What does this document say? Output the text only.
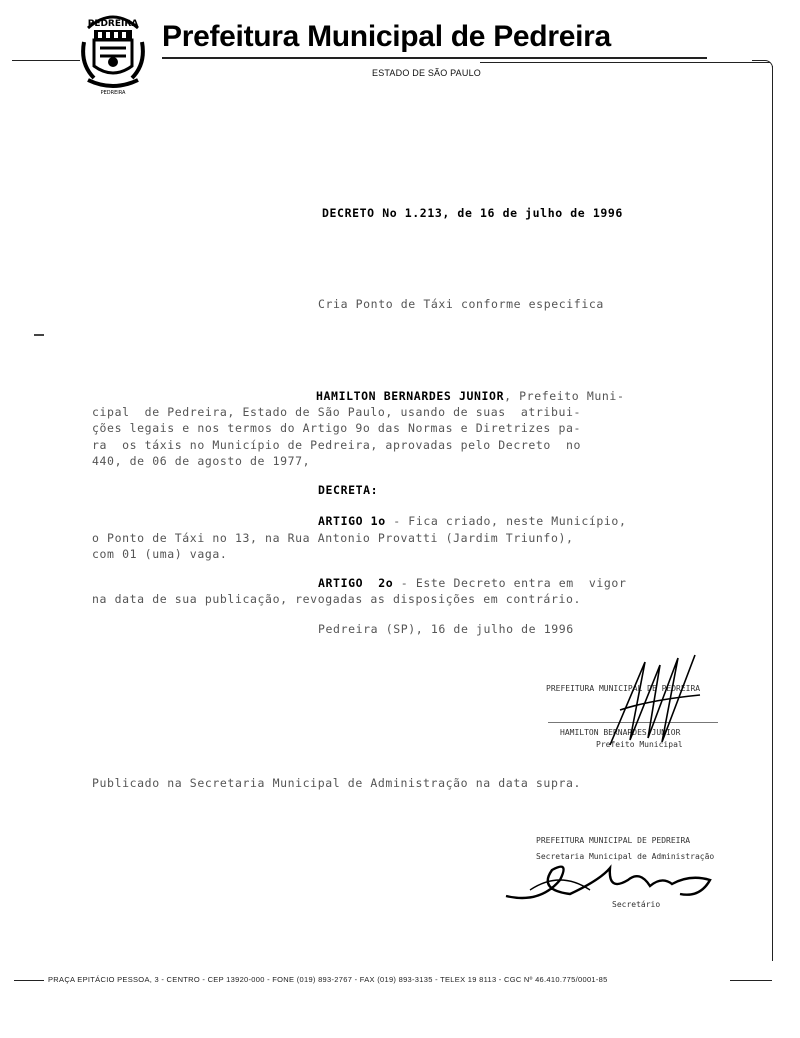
PEDREIRA
PEDREIRA
Prefeitura Municipal de Pedreira
ESTADO DE SÃO PAULO
DECRETO No 1.213, de 16 de julho de 1996
Cria Ponto de Táxi conforme especifica
HAMILTON BERNARDES JUNIOR, Prefeito Muni-
cipal  de Pedreira, Estado de São Paulo, usando de suas  atribui-
ções legais e nos termos do Artigo 9o das Normas e Diretrizes pa-
ra  os táxis no Município de Pedreira, aprovadas pelo Decreto  no
440, de 06 de agosto de 1977,
DECRETA:
ARTIGO 1o - Fica criado, neste Município,
o Ponto de Táxi no 13, na Rua Antonio Provatti (Jardim Triunfo),
com 01 (uma) vaga.
ARTIGO  2o - Este Decreto entra em  vigor
na data de sua publicação, revogadas as disposições em contrário.
Pedreira (SP), 16 de julho de 1996
PREFEITURA MUNICIPAL DE PEDREIRA
HAMILTON BERNARDES JUNIOR
Prefeito Municipal
Publicado na Secretaria Municipal de Administração na data supra.
PREFEITURA MUNICIPAL DE PEDREIRA
Secretaria Municipal de Administração
Secretário
PRAÇA EPITÁCIO PESSOA, 3 - CENTRO - CEP 13920-000 - FONE (019) 893-2767 - FAX (019) 893-3135 - TELEX 19 8113 - CGC Nº 46.410.775/0001-85
